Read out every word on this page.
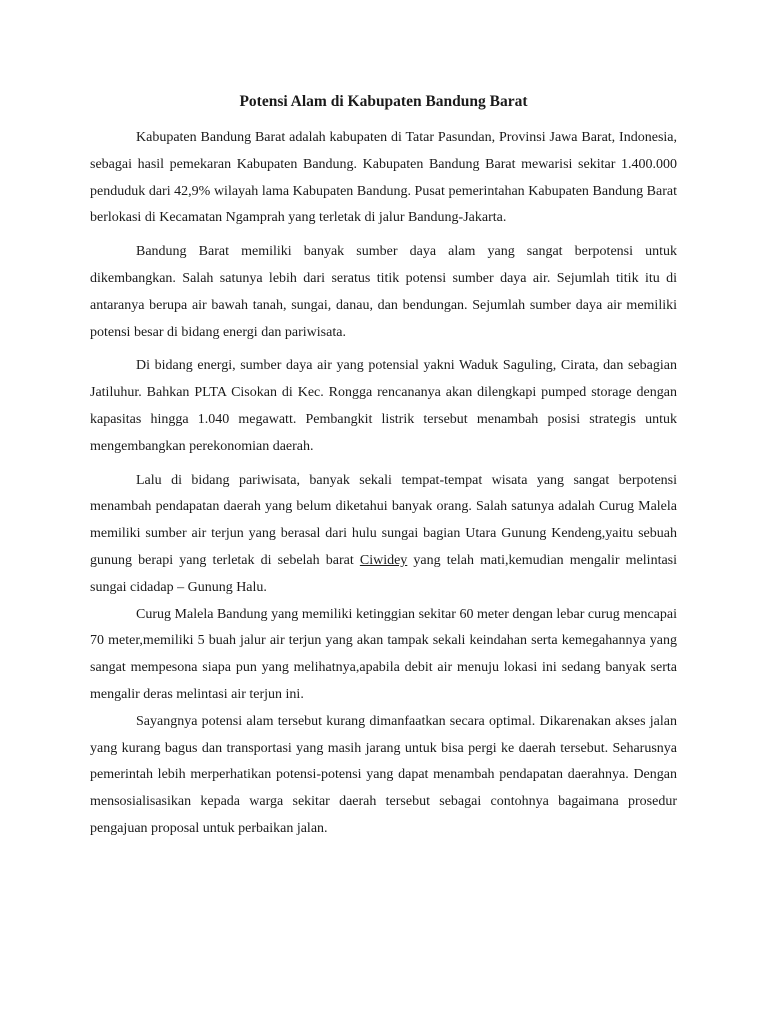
Potensi Alam di Kabupaten Bandung Barat

Kabupaten Bandung Barat adalah kabupaten di Tatar Pasundan, Provinsi Jawa Barat, Indonesia, sebagai hasil pemekaran Kabupaten Bandung. Kabupaten Bandung Barat mewarisi sekitar 1.400.000 penduduk dari 42,9% wilayah lama Kabupaten Bandung. Pusat pemerintahan Kabupaten Bandung Barat berlokasi di Kecamatan Ngamprah yang terletak di jalur Bandung-Jakarta.

Bandung Barat memiliki banyak sumber daya alam yang sangat berpotensi untuk dikembangkan. Salah satunya lebih dari seratus titik potensi sumber daya air. Sejumlah titik itu di antaranya berupa air bawah tanah, sungai, danau, dan bendungan. Sejumlah sumber daya air memiliki potensi besar di bidang energi dan pariwisata.

Di bidang energi, sumber daya air yang potensial yakni Waduk Saguling, Cirata, dan sebagian Jatiluhur. Bahkan PLTA Cisokan di Kec. Rongga rencananya akan dilengkapi pumped storage dengan kapasitas hingga 1.040 megawatt. Pembangkit listrik tersebut menambah posisi strategis untuk mengembangkan perekonomian daerah.

Lalu di bidang pariwisata, banyak sekali tempat-tempat wisata yang sangat berpotensi menambah pendapatan daerah yang belum diketahui banyak orang. Salah satunya adalah Curug Malela memiliki sumber air terjun yang berasal dari hulu sungai bagian Utara Gunung Kendeng,yaitu sebuah gunung berapi yang terletak di sebelah barat Ciwidey yang telah mati,kemudian mengalir melintasi sungai cidadap – Gunung Halu.

Curug Malela Bandung yang memiliki ketinggian sekitar 60 meter dengan lebar curug mencapai 70 meter,memiliki 5 buah jalur air terjun yang akan tampak sekali keindahan serta kemegahannya yang sangat mempesona siapa pun yang melihatnya,apabila debit air menuju lokasi ini sedang banyak serta mengalir deras melintasi air terjun ini.

Sayangnya potensi alam tersebut kurang dimanfaatkan secara optimal. Dikarenakan akses jalan yang kurang bagus dan transportasi yang masih jarang untuk bisa pergi ke daerah tersebut. Seharusnya pemerintah lebih merperhatikan potensi-potensi yang dapat menambah pendapatan daerahnya. Dengan mensosialisasikan kepada warga sekitar daerah tersebut sebagai contohnya bagaimana prosedur pengajuan proposal untuk perbaikan jalan.
